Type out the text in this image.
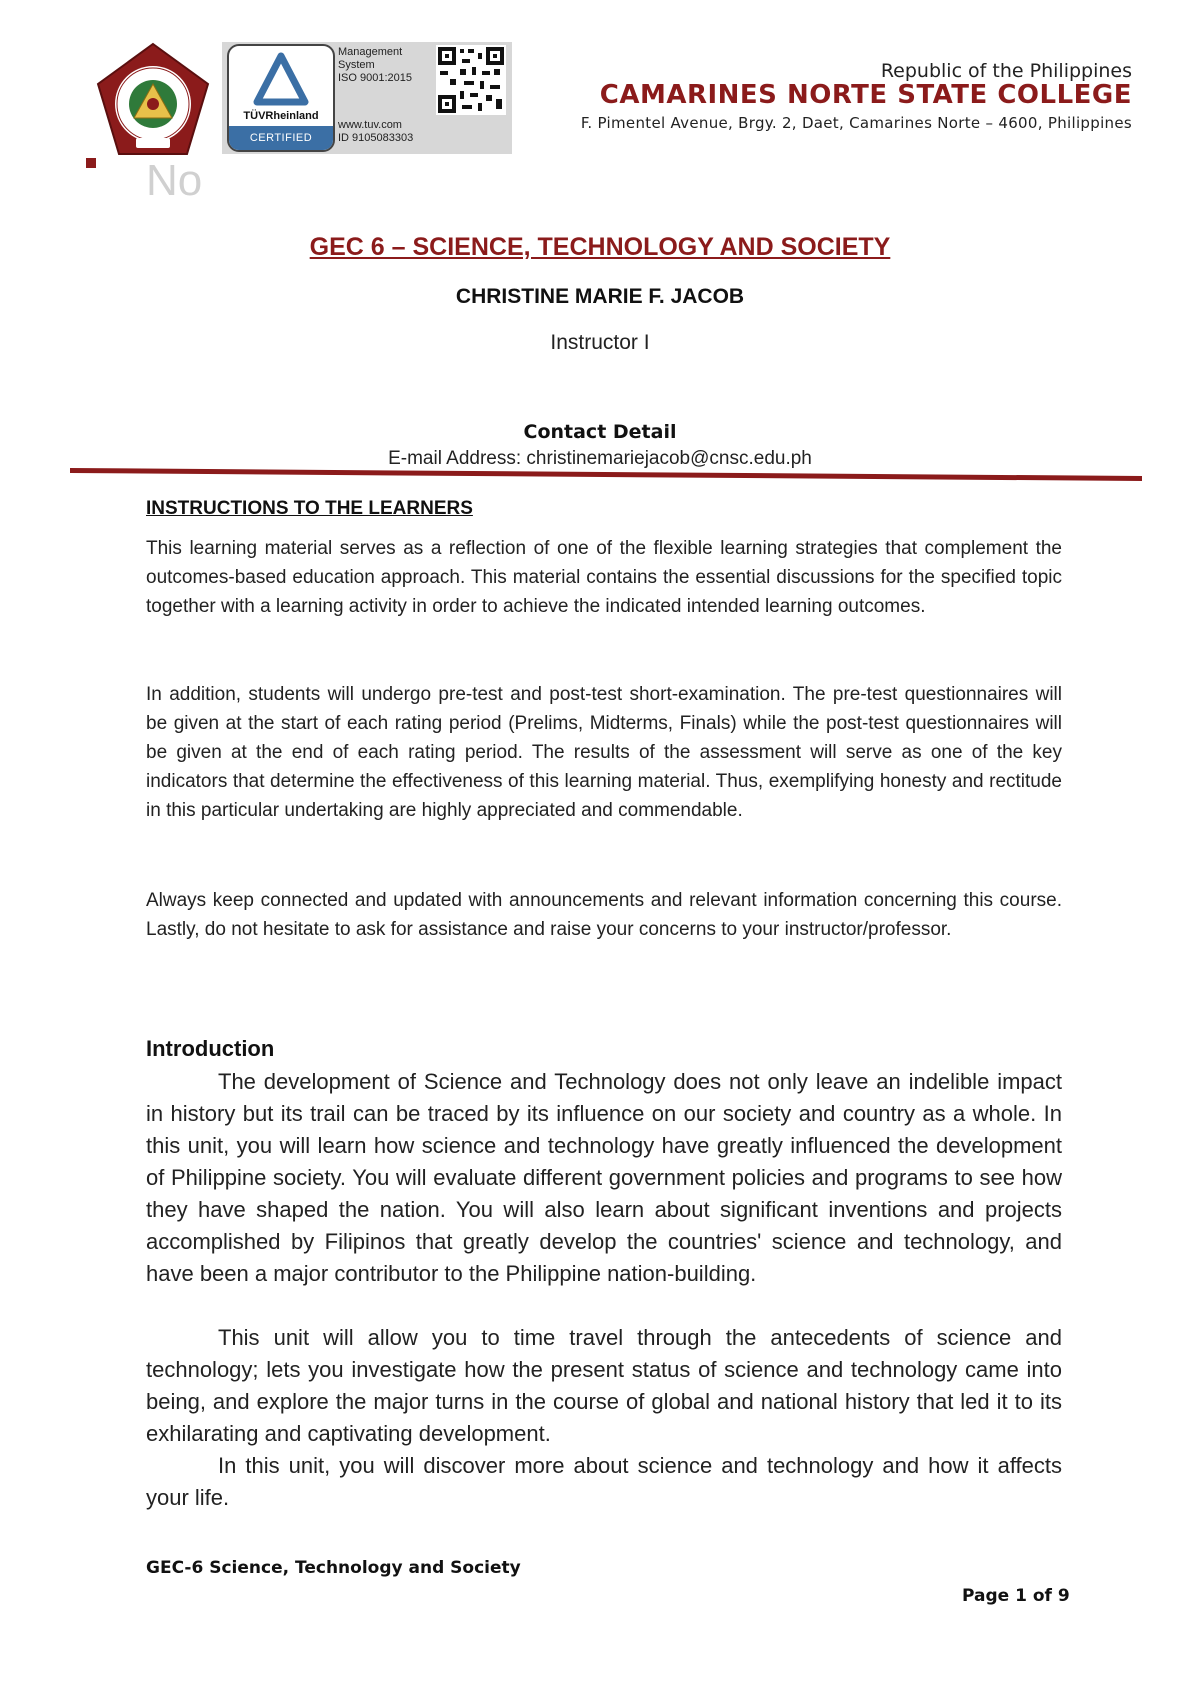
TÜVRheinland
CERTIFIED
Management
System
ISO 9001:2015
www.tuv.com
ID 9105083303
Republic of the Philippines
CAMARINES NORTE STATE COLLEGE
F. Pimentel Avenue, Brgy. 2, Daet, Camarines Norte – 4600, Philippines
No
GEC 6 – SCIENCE, TECHNOLOGY AND SOCIETY
CHRISTINE MARIE F. JACOB
Instructor I
Contact Detail
E-mail Address: christinemariejacob@cnsc.edu.ph
INSTRUCTIONS TO THE LEARNERS
This learning material serves as a reflection of one of the flexible learning strategies that complement the outcomes-based education approach. This material contains the essential discussions for the specified topic together with a learning activity in order to achieve the indicated intended learning outcomes.
In addition, students will undergo pre-test and post-test short-examination. The pre-test questionnaires will be given at the start of each rating period (Prelims, Midterms, Finals) while the post-test questionnaires will be given at the end of each rating period. The results of the assessment will serve as one of the key indicators that determine the effectiveness of this learning material. Thus, exemplifying honesty and rectitude in this particular undertaking are highly appreciated and commendable.
Always keep connected and updated with announcements and relevant information concerning this course. Lastly, do not hesitate to ask for assistance and raise your concerns to your instructor/professor.
Introduction
The development of Science and Technology does not only leave an indelible impact in history but its trail can be traced by its influence on our society and country as a whole. In this unit, you will learn how science and technology have greatly influenced the development of Philippine society. You will evaluate different government policies and programs to see how they have shaped the nation. You will also learn about significant inventions and projects accomplished by Filipinos that greatly develop the countries' science and technology, and have been a major contributor to the Philippine nation-building.
This unit will allow you to time travel through the antecedents of science and technology; lets you investigate how the present status of science and technology came into being, and explore the major turns in the course of global and national history that led it to its exhilarating and captivating development.
In this unit, you will discover more about science and technology and how it affects your life.
GEC-6 Science, Technology and Society
Page 1 of 9
